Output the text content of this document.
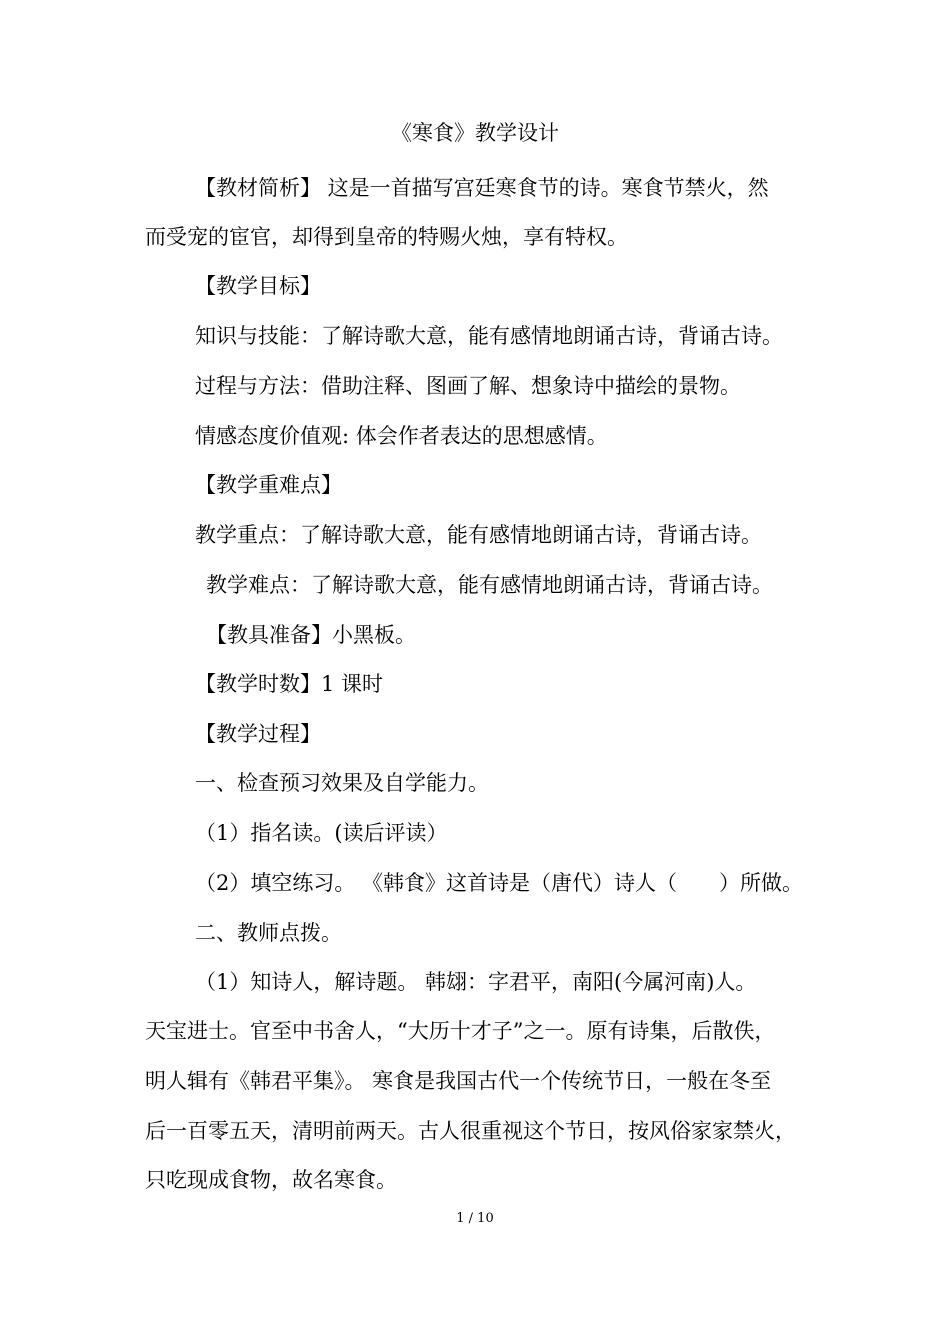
《寒食》教学设计
【教材简析】 这是一首描写宫廷寒食节的诗。寒食节禁火，然
而受宠的宦官，却得到皇帝的特赐火烛，享有特权。
【教学目标】
知识与技能：了解诗歌大意，能有感情地朗诵古诗，背诵古诗。
过程与方法：借助注释、图画了解、想象诗中描绘的景物。
情感态度价值观: 体会作者表达的思想感情。
【教学重难点】
教学重点：了解诗歌大意，能有感情地朗诵古诗，背诵古诗。
教学难点：了解诗歌大意，能有感情地朗诵古诗，背诵古诗。
【教具准备】小黑板。
【教学时数】1 课时
【教学过程】
一、检查预习效果及自学能力。
（1）指名读。(读后评读）
（2）填空练习。 《韩食》这首诗是（唐代）诗人（　　）所做。
二、教师点拨。
（1）知诗人，解诗题。 韩翃：字君平，南阳(今属河南)人。
天宝进士。官至中书舍人，“大历十才子”之一。原有诗集，后散佚，
明人辑有《韩君平集》。 寒食是我国古代一个传统节日，一般在冬至
后一百零五天，清明前两天。古人很重视这个节日，按风俗家家禁火，
只吃现成食物，故名寒食。
1 / 10
